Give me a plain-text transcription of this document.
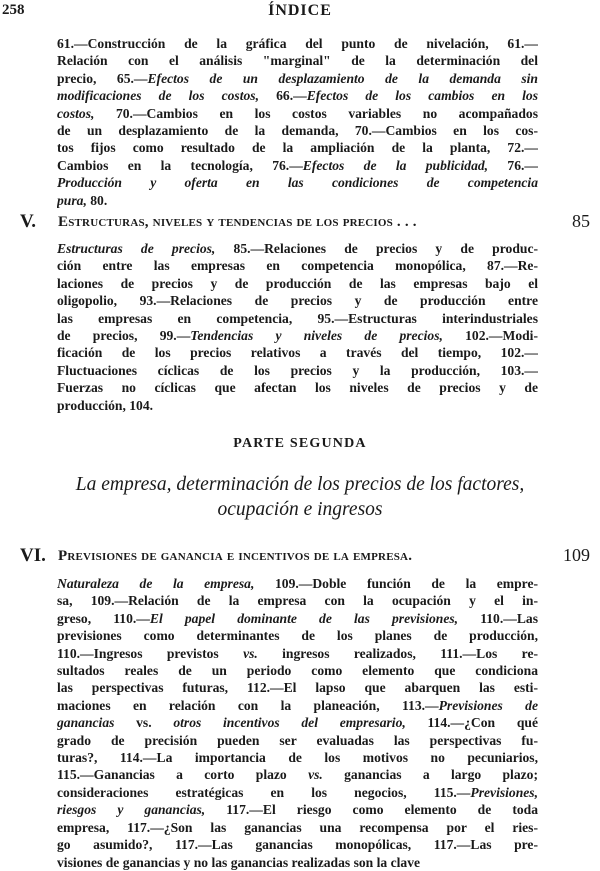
258	ÍNDICE
61.—Construcción de la gráfica del punto de nivelación, 61.—
Relación con el análisis "marginal" de la determinación del
precio, 65.—Efectos de un desplazamiento de la demanda sin
modificaciones de los costos, 66.—Efectos de los cambios en los
costos, 70.—Cambios en los costos variables no acompañados
de un desplazamiento de la demanda, 70.—Cambios en los cos-
tos fijos como resultado de la ampliación de la planta, 72.—
Cambios en la tecnología, 76.—Efectos de la publicidad, 76.—
Producción y oferta en las condiciones de competencia
pura, 80.
V. Estructuras, niveles y tendencias de los precios . . .	85
Estructuras de precios, 85.—Relaciones de precios y de produc-
ción entre las empresas en competencia monopólica, 87.—Re-
laciones de precios y de producción de las empresas bajo el
oligopolio, 93.—Relaciones de precios y de producción entre
las empresas en competencia, 95.—Estructuras interindustriales
de precios, 99.—Tendencias y niveles de precios, 102.—Modi-
ficación de los precios relativos a través del tiempo, 102.—
Fluctuaciones cíclicas de los precios y la producción, 103.—
Fuerzas no cíclicas que afectan los niveles de precios y de
producción, 104.
PARTE SEGUNDA
La empresa, determinación de los precios de los factores,
ocupación e ingresos
VI. Previsiones de ganancia e incentivos de la empresa.	109
Naturaleza de la empresa, 109.—Doble función de la empre-
sa, 109.—Relación de la empresa con la ocupación y el in-
greso, 110.—El papel dominante de las previsiones, 110.—Las
previsiones como determinantes de los planes de producción,
110.—Ingresos previstos vs. ingresos realizados, 111.—Los re-
sultados reales de un periodo como elemento que condiciona
las perspectivas futuras, 112.—El lapso que abarquen las esti-
maciones en relación con la planeación, 113.—Previsiones de
ganancias vs. otros incentivos del empresario, 114.—¿Con qué
grado de precisión pueden ser evaluadas las perspectivas fu-
turas?, 114.—La importancia de los motivos no pecuniarios,
115.—Ganancias a corto plazo vs. ganancias a largo plazo;
consideraciones estratégicas en los negocios, 115.—Previsiones,
riesgos y ganancias, 117.—El riesgo como elemento de toda
empresa, 117.—¿Son las ganancias una recompensa por el ries-
go asumido?, 117.—Las ganancias monopólicas, 117.—Las pre-
visiones de ganancias y no las ganancias realizadas son la clave
